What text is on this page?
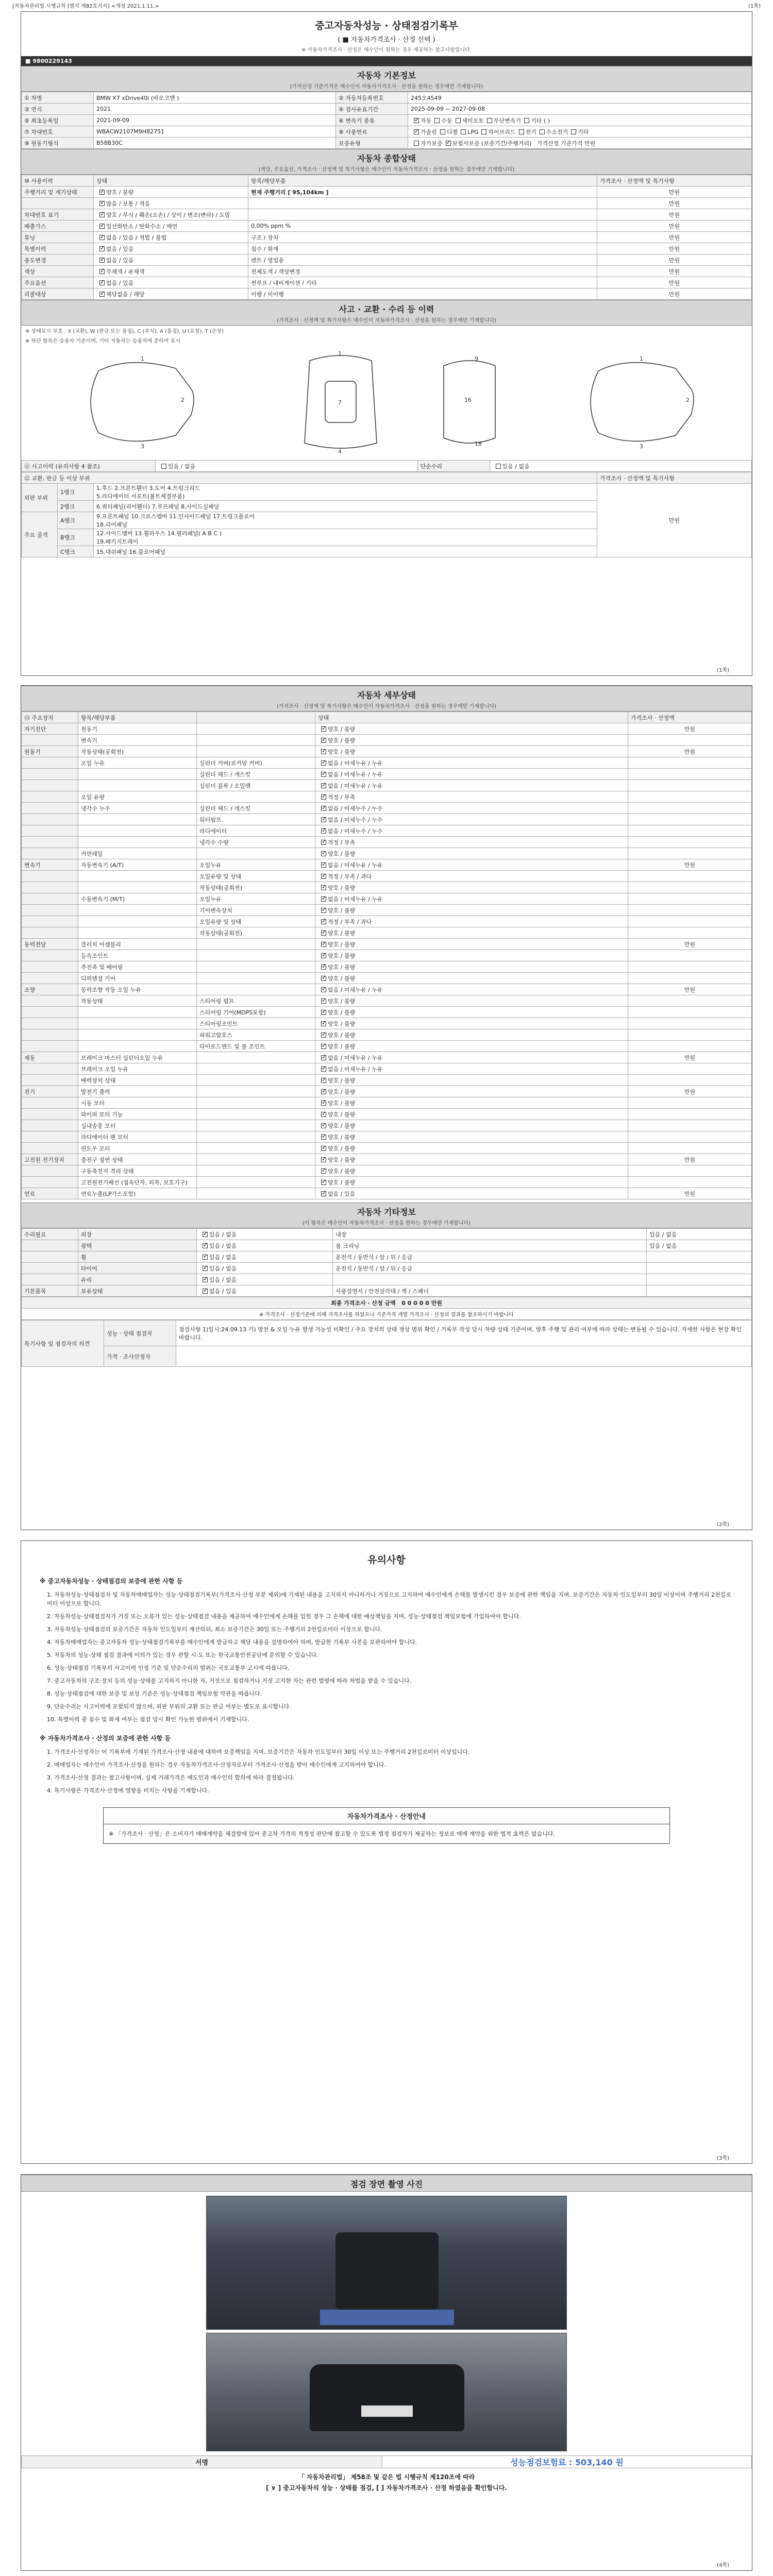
[자동차관리법 시행규칙 [별지 제82호서식] <개정 2021.1.11.>	(1쪽)
중고자동차성능 · 상태점검기록부
( ■ 자동차가격조사 · 산정 선택 )
※ 자동차가격조사 · 산정은 매수인이 원하는 경우 제공하는 참고사항입니다.
■ 9800229143
자동차 기본정보
(가격산정 기준가격은 매수인이 자동차가격조사 · 산정을 원하는 경우에만 기재합니다)
① 차명	BMW X7 xDrive40i (바로코멘 )	② 자동차등록번호	245오4549
③ 연식	2021	④ 검사유효기간	2025-09-09 ~ 2027-09-08
⑤ 최초등록일	2021-09-09	⑥ 변속기 종류	✓자동 수동 세미오토 무단변속기 기타 ( )
⑦ 차대번호	WBACW2107M9H82751	⑧ 사용연료	✓가솔린 디젤 LPG 하이브리드 전기 수소전기 기타
⑨ 원동기형식	B58B30C	보증유형	자가보증 ✓ 보험사보증 (보증기간/주행거리) 가격산정 기준가격 만원
자동차 종합상태
(색상, 주요옵션, 가격조사 · 산정액 및 특기사항은 매수인이 자동차가격조사 · 산정을 원하는 경우에만 기재합니다)
⑩ 사용이력	상태	항목/해당부품	가격조사 · 산정액 및 특기사항
주행거리 및 계기상태	✓양호 / 불량	현재 주행거리 [ 95,104km ]	만원
	✓많음 / 보통 / 적음		만원
차대번호 표기	✓양호 / 부식 / 훼손(오손) / 상이 / 변조(변타) / 도말		만원
배출가스	✓일산화탄소 / 탄화수소 / 매연	0.00% ppm %	만원
튜닝	✓없음 / 있음 / 적법 / 불법	구조 / 장치	만원
특별이력	✓없음 / 있음	침수 / 화재	만원
용도변경	✓없음 / 있음	렌트 / 영업용	만원
색상	✓무채색 / 유채색	전체도색 / 색상변경	만원
주요옵션	✓없음 / 있음	썬루프 / 내비게이션 / 기타	만원
리콜대상	✓해당없음 / 해당	이행 / 미이행	만원
사고 · 교환 · 수리 등 이력
(가격조사 · 산정액 및 특기사항은 매수인이 자동차가격조사 · 산정을 원하는 경우에만 기재합니다)
※ 상태표시 부호 : X (교환), W (판금 또는 용접), C (부식), A (흠집), U (요철), T (손상)
※ 하단 항목은 승용차 기준이며, 기타 자동차는 승용차에 준하여 표시
1
3
2
1
7
4
16
9
18
1
3
2
⑪ 사고이력 (유의사항 4 참조)	있음 / 없음	단순수리	있음 / 없음
⑫ 교환, 판금 등 이상 부위			가격조사 · 산정액 및 특기사항
외판 부위	1랭크	1.후드 2.프론트휀더 3.도어 4.트렁크리드
5.라디에이터 서포트(볼트체결부품)	만원
	2랭크	6.쿼터패널(리어휀더) 7.루프패널 8.사이드실패널	
주요 골격	A랭크	9.프론트패널 10.크로스멤버 11.인사이드패널 17.트렁크플로어
18.리어패널	
	B랭크	12.사이드멤버 13.휠하우스 14.필러패널( A B C )
19.패키지트레이	
	C랭크	15.대쉬패널 16.플로어패널	
(1쪽)
자동차 세부상태
(가격조사 · 산정액 및 특기사항은 매수인이 자동차가격조사 · 산정을 원하는 경우에만 기재합니다)
⑬ 주요장치	항목/해당부품		상태	가격조사 · 산정액
자기진단	원동기		✓양호 / 불량	만원
	변속기		✓양호 / 불량	
원동기	작동상태(공회전)		✓양호 / 불량	만원
	오일 누유	실린더 커버(로커암 커버)	✓없음 / 미세누유 / 누유	
		실린더 헤드 / 개스킷	✓없음 / 미세누유 / 누유	
		실린더 블록 / 오일팬	✓없음 / 미세누유 / 누유	
	오일 유량		✓적정 / 부족	
	냉각수 누수	실린더 헤드 / 개스킷	✓없음 / 미세누수 / 누수	
		워터펌프	✓없음 / 미세누수 / 누수	
		라디에이터	✓없음 / 미세누수 / 누수	
		냉각수 수량	✓적정 / 부족	
	커먼레일		✓양호 / 불량	
변속기	자동변속기 (A/T)	오일누유	✓없음 / 미세누유 / 누유	만원
		오일유량 및 상태	✓적정 / 부족 / 과다	
		작동상태(공회전)	✓양호 / 불량	
	수동변속기 (M/T)	오일누유	✓없음 / 미세누유 / 누유	
		기어변속장치	✓양호 / 불량	
		오일유량 및 상태	✓적정 / 부족 / 과다	
		작동상태(공회전)	✓양호 / 불량	
동력전달	클러치 어셈블리		✓양호 / 불량	만원
	등속조인트		✓양호 / 불량	
	추진축 및 베어링		✓양호 / 불량	
	디퍼렌셜 기어		✓양호 / 불량	
조향	동력조향 작동 오일 누유		✓없음 / 미세누유 / 누유	만원
	작동상태	스티어링 펌프	✓양호 / 불량	
		스티어링 기어(MDPS포함)	✓양호 / 불량	
		스티어링조인트	✓양호 / 불량	
		파워고압호스	✓양호 / 불량	
		타이로드엔드 및 볼 조인트	✓양호 / 불량	
제동	브레이크 마스터 실린더오일 누유		✓없음 / 미세누유 / 누유	만원
	브레이크 오일 누유		✓없음 / 미세누유 / 누유	
	배력장치 상태		✓양호 / 불량	
전기	발전기 출력		✓양호 / 불량	만원
	시동 모터		✓양호 / 불량	
	와이퍼 모터 기능		✓양호 / 불량	
	실내송풍 모터		✓양호 / 불량	
	라디에이터 팬 모터		✓양호 / 불량	
	윈도우 모터		✓양호 / 불량	
고전원 전기장치	충전구 절연 상태		✓양호 / 불량	만원
	구동축전지 격리 상태		✓양호 / 불량	
	고전원전기배선 (접속단자, 피복, 보호기구)		✓양호 / 불량	
연료	연료누출(LP가스포함)		✓없음 / 있음	만원
자동차 기타정보
(이 항목은 매수인이 자동차가격조사 · 산정을 원하는 경우에만 기재합니다)
수리필요	외장	✓있음 / 없음	내장	있음 / 없음
	광택	✓있음 / 없음	룸 크리닝	있음 / 없음
	휠	✓있음 / 없음	운전석 / 동반석 / 앞 / 뒤 / 응급	
	타이어	✓있음 / 없음	운전석 / 동반석 / 앞 / 뒤 / 응급	
	유리	✓있음 / 없음		
기본품목	보유상태	✓없음 / 있음	사용설명서 / 안전삼각대 / 잭 / 스패너	
최종 가격조사 · 산정 금액 0 0 0 0 0 만원
※ 가격조사 · 산정기준에 의해 가격조사를 하였으나 기준가격 개별 가격조사 · 산정의 결과를 참조하시기 바랍니다
특기사항 및 점검자의 의견	성능 · 상태 점검자	점검사항 1)일시:24.09.13 기) 방전 & 오일 누유 발생 가능성 미확인 / 주요 장치의 상태 정상 범위 확인 / 기록부 작성 당시 차량 상태 기준이며, 향후 주행 및 관리 여부에 따라 상태는 변동될 수 있습니다. 자세한 사항은 현장 확인 바랍니다.
	가격 · 조사산정자	
(2쪽)
유의사항
※ 중고자동차성능 · 상태점검의 보증에 관한 사항 등
1. 자동차성능·상태점검자 및 자동차매매업자는 성능·상태점검기록부(가격조사·산정 부분 제외)에 기재된 내용을 고지하지 아니하거나 거짓으로 고지하여 매수인에게 손해를 발생시킨 경우 보증에 관한 책임을 지며, 보증기간은 자동차 인도일부터 30일 이상이며 주행거리 2천킬로미터 이상으로 합니다.
2. 자동차성능·상태점검자가 거짓 또는 오류가 있는 성능·상태점검 내용을 제공하여 매수인에게 손해를 입힌 경우 그 손해에 대한 배상책임을 지며, 성능·상태점검 책임보험에 가입하여야 합니다.
3. 자동차성능·상태점검의 보증기간은 자동차 인도일부터 계산하되, 최소 보증기간은 30일 또는 주행거리 2천킬로미터 이상으로 합니다.
4. 자동차매매업자는 중고자동차 성능·상태점검기록부를 매수인에게 발급하고 해당 내용을 설명하여야 하며, 발급한 기록부 사본을 보관하여야 합니다.
5. 자동차의 성능·상태 점검 결과에 이의가 있는 경우 관할 시·도 또는 한국교통안전공단에 문의할 수 있습니다.
6. 성능·상태점검 기록부의 사고이력 인정 기준 및 단순수리의 범위는 국토교통부 고시에 따릅니다.
7. 중고자동차의 구조·장치 등의 성능·상태를 고지하지 아니한 자, 거짓으로 점검하거나 거짓 고지한 자는 관련 법령에 따라 처벌을 받을 수 있습니다.
8. 성능·상태점검에 대한 보증 및 보상 기준은 성능·상태점검 책임보험 약관을 따릅니다.
9. 단순수리는 사고이력에 포함되지 않으며, 외판 부위의 교환 또는 판금 여부는 별도로 표시합니다.
10. 특별이력 중 침수 및 화재 여부는 점검 당시 확인 가능한 범위에서 기재합니다.
※ 자동차가격조사 · 산정의 보증에 관한 사항 등
1. 가격조사·산정자는 이 기록부에 기재된 가격조사·산정 내용에 대하여 보증책임을 지며, 보증기간은 자동차 인도일부터 30일 이상 또는 주행거리 2천킬로미터 이상입니다.
2. 매매업자는 매수인이 가격조사·산정을 원하는 경우 자동차가격조사·산정자로부터 가격조사·산정을 받아 매수인에게 고지하여야 합니다.
3. 가격조사·산정 결과는 참고사항이며, 실제 거래가격은 매도인과 매수인의 합의에 따라 결정됩니다.
4. 특기사항은 가격조사·산정에 영향을 미치는 사항을 기재합니다.
자동차가격조사 · 산정안내
※ 「가격조사 · 산정」은 소비자가 매매계약을 체결함에 있어 중고차 가격의 적정성 판단에 참고할 수 있도록 법정 점검자가 제공하는 정보로 매매 계약을 위한 법적 효력은 없습니다.
(3쪽)
점검 장면 촬영 사진
서명	성능점검보험료 : 503,140 원
「 자동차관리법」 제58조 및 같은 법 시행규칙 제120조에 따라
[ ∨ ] 중고자동차의 성능 · 상태를 점검, [ ] 자동차가격조사 · 산정 하였음을 확인합니다.
(4쪽)
